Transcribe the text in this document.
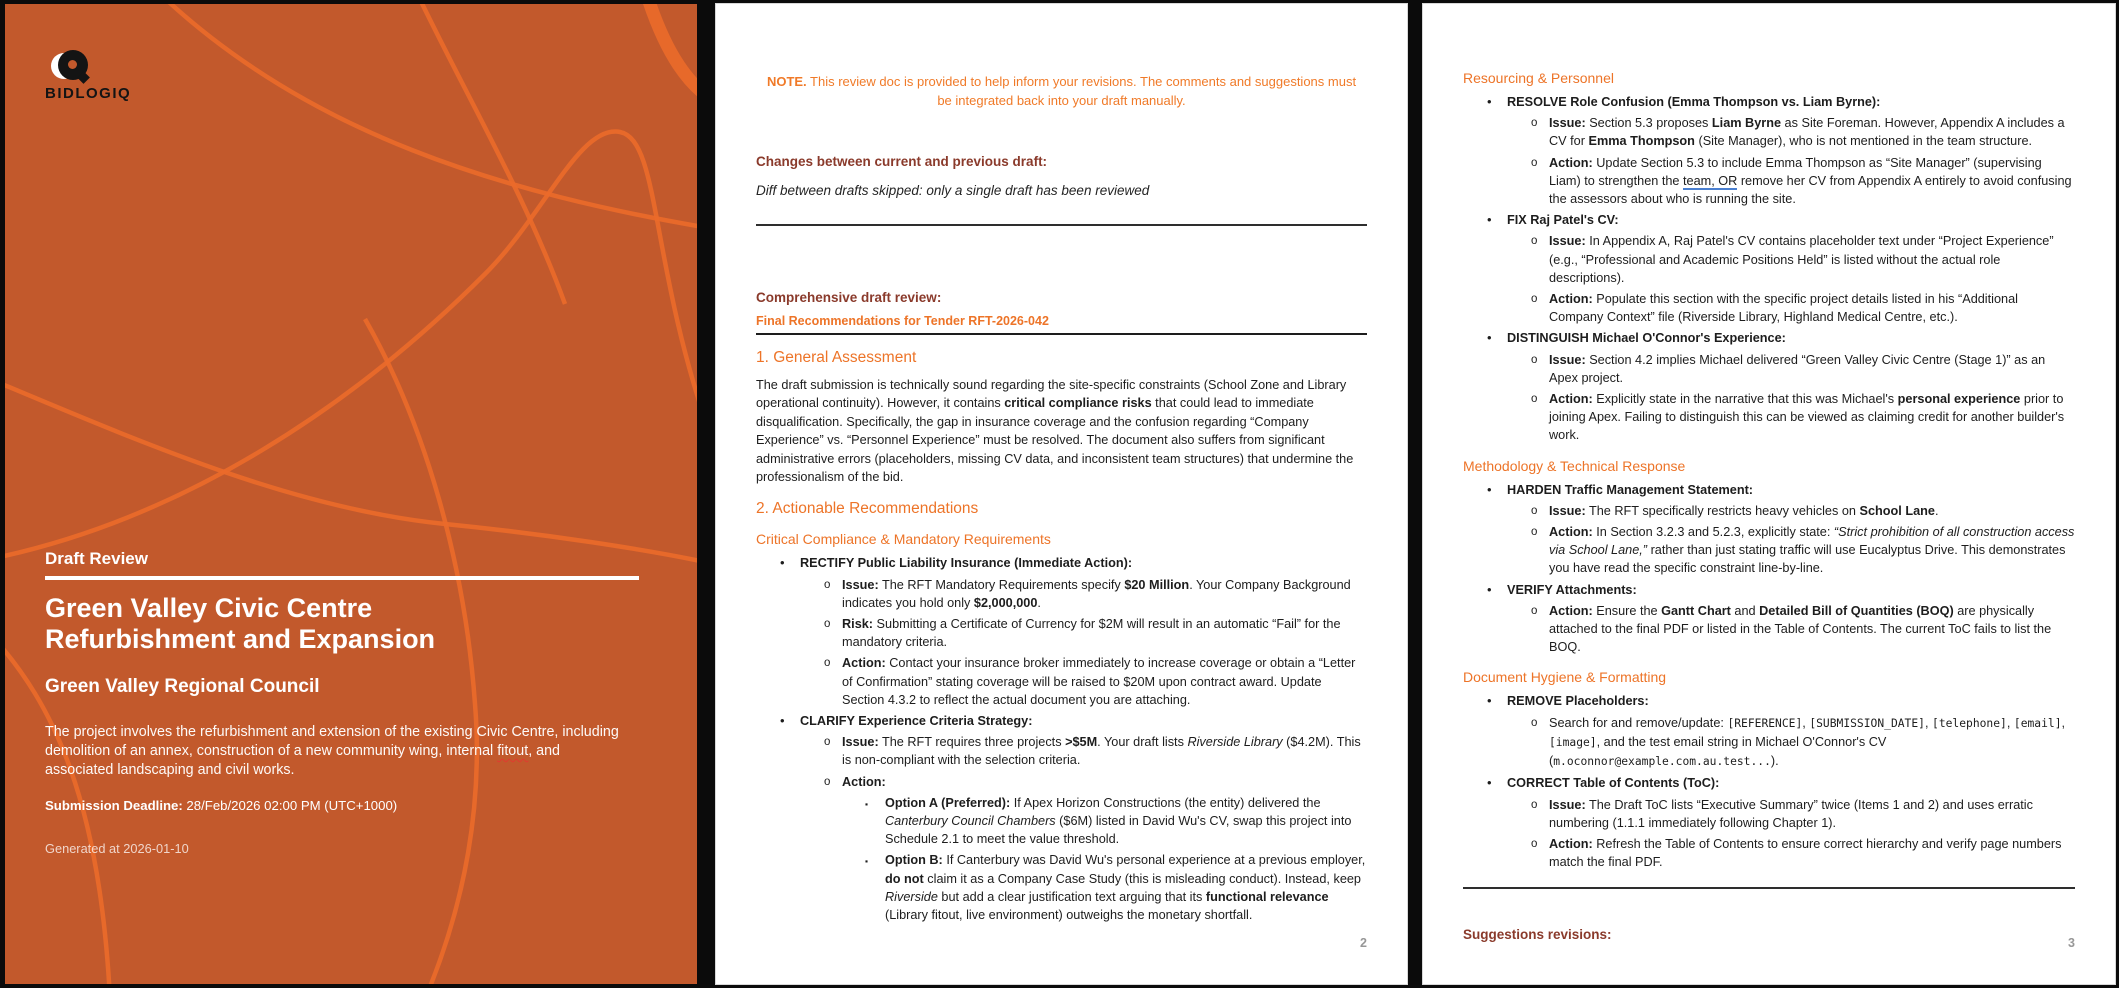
BIDLOGIQ
Draft Review
Green Valley Civic Centre Refurbishment and Expansion
Green Valley Regional Council
The project involves the refurbishment and extension of the existing Civic Centre, including demolition of an annex, construction of a new community wing, internal fitout, and associated landscaping and civil works.
Submission Deadline: 28/Feb/2026 02:00 PM (UTC+1000)
Generated at 2026-01-10

NOTE. This review doc is provided to help inform your revisions. The comments and suggestions must be integrated back into your draft manually.

Changes between current and previous draft:

Diff between drafts skipped: only a single draft has been reviewed

Comprehensive draft review:
Final Recommendations for Tender RFT-2026-042
1. General Assessment

The draft submission is technically sound regarding the site-specific constraints (School Zone and Library operational continuity). However, it contains critical compliance risks that could lead to immediate disqualification. Specifically, the gap in insurance coverage and the confusion regarding “Company Experience” vs. “Personnel Experience” must be resolved. The document also suffers from significant administrative errors (placeholders, missing CV data, and inconsistent team structures) that undermine the professionalism of the bid.

2. Actionable Recommendations
Critical Compliance & Mandatory Requirements
•	RECTIFY Public Liability Insurance (Immediate Action):
o Issue: The RFT Mandatory Requirements specify $20 Million. Your Company Background indicates you hold only $2,000,000.
o Risk: Submitting a Certificate of Currency for $2M will result in an automatic “Fail” for the mandatory criteria.
o Action: Contact your insurance broker immediately to increase coverage or obtain a “Letter of Confirmation” stating coverage will be raised to $20M upon contract award. Update Section 4.3.2 to reflect the actual document you are attaching.
•	CLARIFY Experience Criteria Strategy:
o Issue: The RFT requires three projects >$5M. Your draft lists Riverside Library ($4.2M). This is non-compliant with the selection criteria.
o Action:
▪	Option A (Preferred): If Apex Horizon Constructions (the entity) delivered the Canterbury Council Chambers ($6M) listed in David Wu's CV, swap this project into Schedule 2.1 to meet the value threshold.
▪	Option B: If Canterbury was David Wu's personal experience at a previous employer, do not claim it as a Company Case Study (this is misleading conduct). Instead, keep Riverside but add a clear justification text arguing that its functional relevance (Library fitout, live environment) outweighs the monetary shortfall.
2
Resourcing & Personnel
•	RESOLVE Role Confusion (Emma Thompson vs. Liam Byrne):
o Issue: Section 5.3 proposes Liam Byrne as Site Foreman. However, Appendix A includes a CV for Emma Thompson (Site Manager), who is not mentioned in the team structure.
o Action: Update Section 5.3 to include Emma Thompson as “Site Manager” (supervising Liam) to strengthen the team, OR remove her CV from Appendix A entirely to avoid confusing the assessors about who is running the site.
•	FIX Raj Patel's CV:
o Issue: In Appendix A, Raj Patel's CV contains placeholder text under “Project Experience” (e.g., “Professional and Academic Positions Held” is listed without the actual role descriptions).
o Action: Populate this section with the specific project details listed in his “Additional Company Context” file (Riverside Library, Highland Medical Centre, etc.).
•	DISTINGUISH Michael O'Connor's Experience:
o Issue: Section 4.2 implies Michael delivered “Green Valley Civic Centre (Stage 1)” as an Apex project.
o Action: Explicitly state in the narrative that this was Michael's personal experience prior to joining Apex. Failing to distinguish this can be viewed as claiming credit for another builder's work.
Methodology & Technical Response
•	HARDEN Traffic Management Statement:
o Issue: The RFT specifically restricts heavy vehicles on School Lane.
o Action: In Section 3.2.3 and 5.2.3, explicitly state: “Strict prohibition of all construction access via School Lane,” rather than just stating traffic will use Eucalyptus Drive. This demonstrates you have read the specific constraint line-by-line.
•	VERIFY Attachments:
o Action: Ensure the Gantt Chart and Detailed Bill of Quantities (BOQ) are physically attached to the final PDF or listed in the Table of Contents. The current ToC fails to list the BOQ.
Document Hygiene & Formatting
•	REMOVE Placeholders:
o Search for and remove/update: [REFERENCE], [SUBMISSION_DATE], [telephone], [email], [image], and the test email string in Michael O'Connor's CV (m.oconnor@example.com.au.test...).
•	CORRECT Table of Contents (ToC):
o Issue: The Draft ToC lists “Executive Summary” twice (Items 1 and 2) and uses erratic numbering (1.1.1 immediately following Chapter 1).
o Action: Refresh the Table of Contents to ensure correct hierarchy and verify page numbers match the final PDF.
Suggestions revisions:
3
